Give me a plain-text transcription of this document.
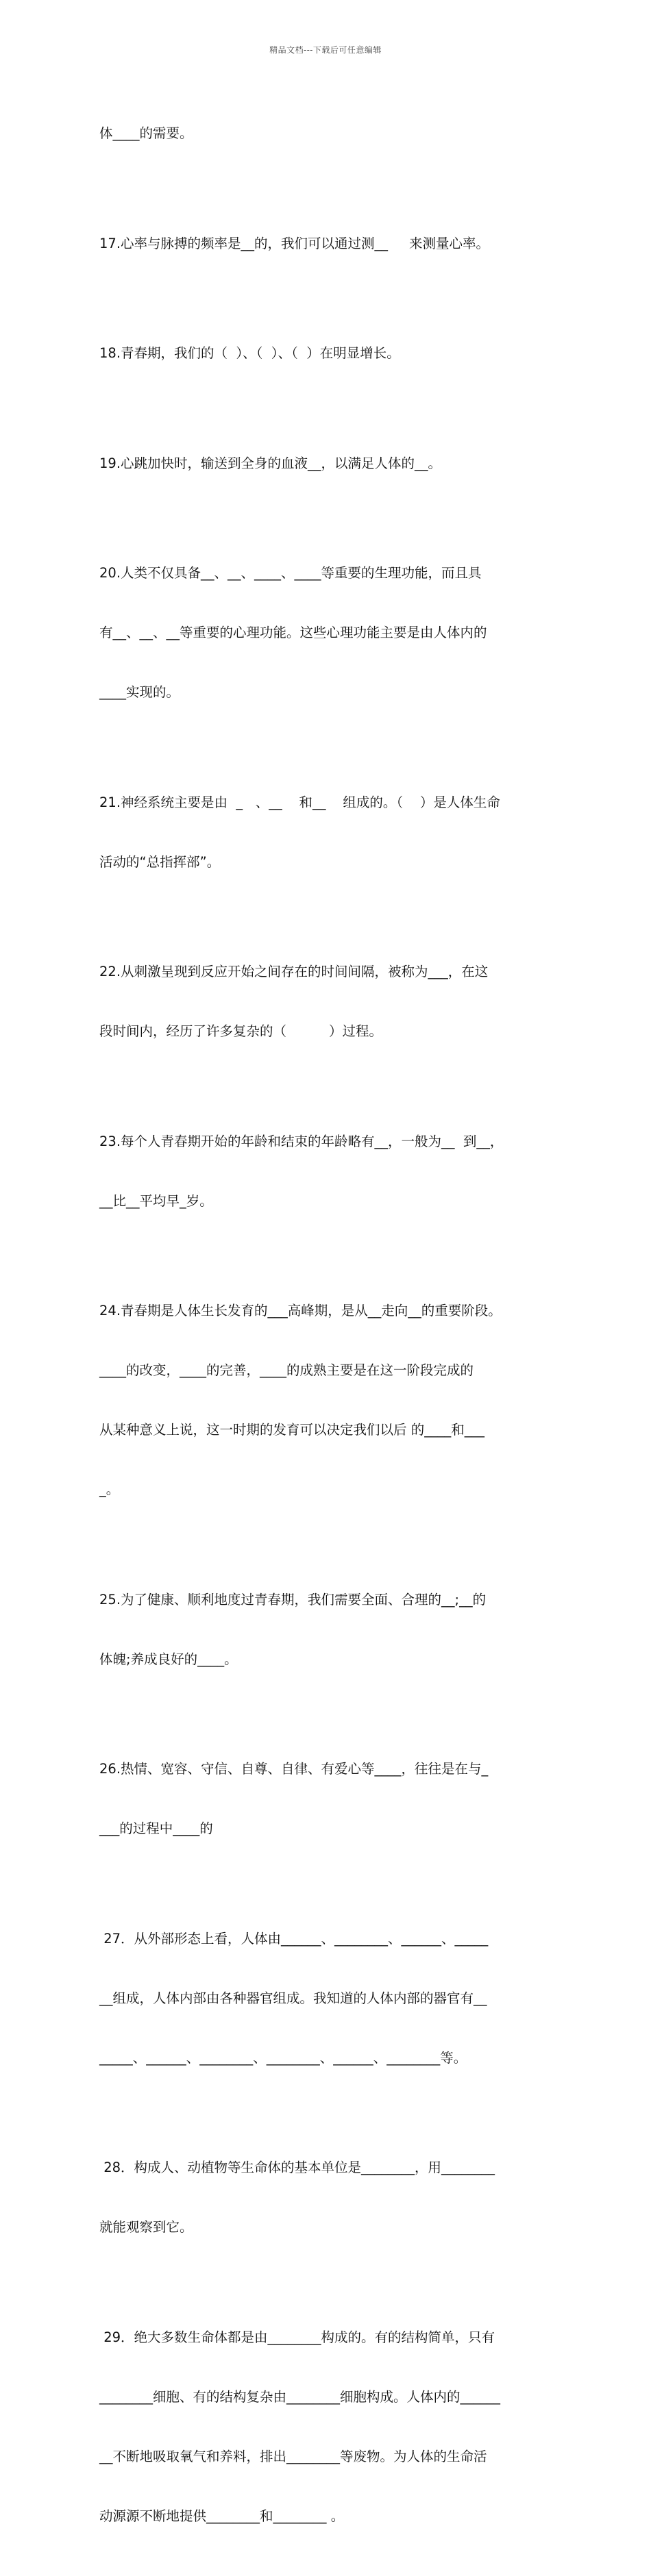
精品文档---下载后可任意编辑

体____的需要。

17.心率与脉搏的频率是__的，我们可以通过测__     来测量心率。

18.青春期，我们的（  ）、（  ）、（  ）在明显增长。

19.心跳加快时，输送到全身的血液__，以满足人体的__。

20.人类不仅具备__、__、____、____等重要的生理功能，而且具

有__、__、__等重要的心理功能。这些心理功能主要是由人体内的

____实现的。

21.神经系统主要是由  _   、__    和__    组成的。（    ）是人体生命

活动的“总指挥部”。

22.从刺激呈现到反应开始之间存在的时间间隔，被称为___，在这

段时间内，经历了许多复杂的（          ）过程。

23.每个人青春期开始的年龄和结束的年龄略有__，一般为__  到__，

__比__平均早_岁。

24.青春期是人体生长发育的___高峰期，是从__走向__的重要阶段。

____的改变，____的完善，____的成熟主要是在这一阶段完成的

从某种意义上说，这一时期的发育可以决定我们以后 的____和___

_。

25.为了健康、顺利地度过青春期，我们需要全面、合理的__;__的

体魄;养成良好的____。

26.热情、宽容、守信、自尊、自律、有爱心等____，往往是在与_

___的过程中____的

27．从外部形态上看，人体由______、________、______、_____

__组成，人体内部由各种器官组成。我知道的人体内部的器官有__

_____、______、________、________、______、________等。

28．构成人、动植物等生命体的基本单位是________，用________

就能观察到它。

29．绝大多数生命体都是由________构成的。有的结构简单，只有

________细胞、有的结构复杂由________细胞构成。人体内的______

__不断地吸取氧气和养料，排出________等废物。为人体的生命活

动源源不断地提供________和________ 。
